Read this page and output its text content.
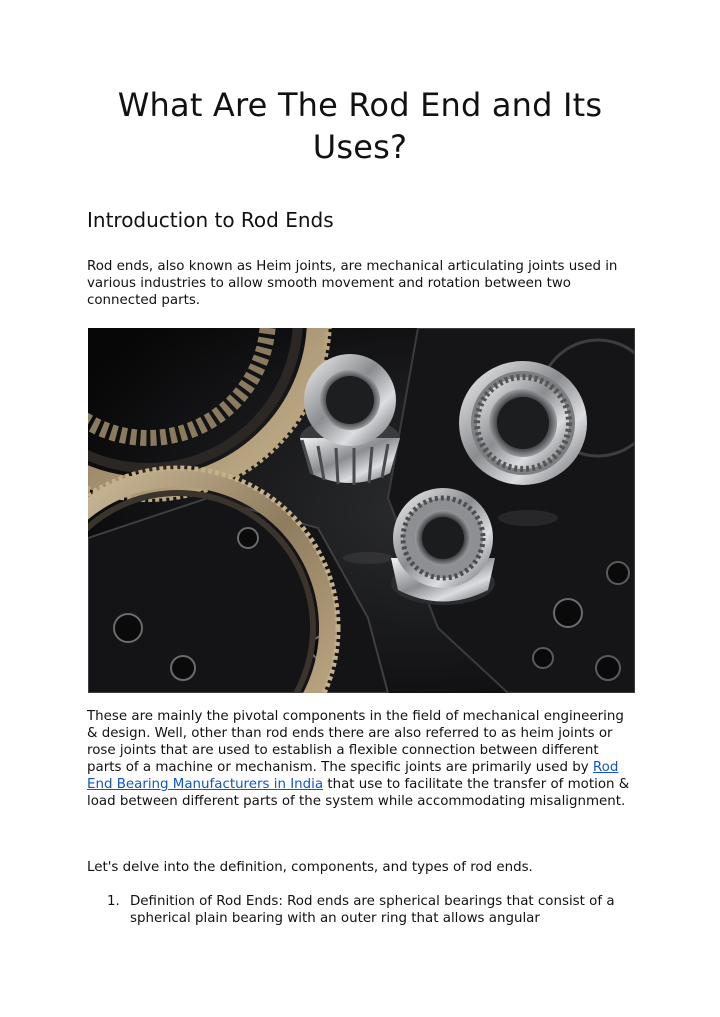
What Are The Rod End and Its Uses?
Introduction to Rod Ends

Rod ends, also known as Heim joints, are mechanical articulating joints used in various industries to allow smooth movement and rotation between two connected parts.

These are mainly the pivotal components in the field of mechanical engineering & design. Well, other than rod ends there are also referred to as heim joints or rose joints that are used to establish a flexible connection between different parts of a machine or mechanism. The specific joints are primarily used by Rod End Bearing Manufacturers in India that use to facilitate the transfer of motion & load between different parts of the system while accommodating misalignment.

Let's delve into the definition, components, and types of rod ends.

1. Definition of Rod Ends: Rod ends are spherical bearings that consist of a spherical plain bearing with an outer ring that allows angular
